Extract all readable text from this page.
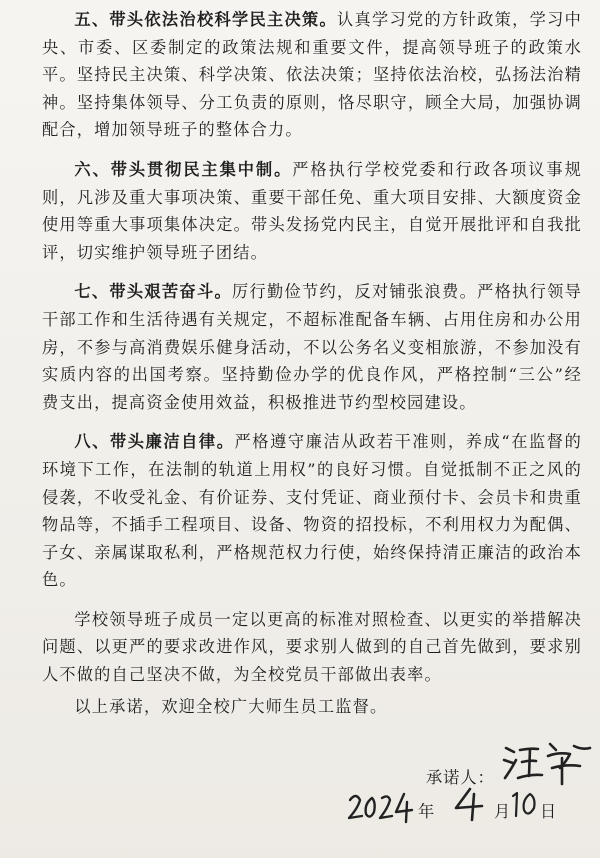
五、带头依法治校科学民主决策。认真学习党的方针政策，学习中央、市委、区委制定的政策法规和重要文件，提高领导班子的政策水平。坚持民主决策、科学决策、依法决策；坚持依法治校，弘扬法治精神。坚持集体领导、分工负责的原则，恪尽职守，顾全大局，加强协调配合，增加领导班子的整体合力。

六、带头贯彻民主集中制。严格执行学校党委和行政各项议事规则，凡涉及重大事项决策、重要干部任免、重大项目安排、大额度资金使用等重大事项集体决定。带头发扬党内民主，自觉开展批评和自我批评，切实维护领导班子团结。

七、带头艰苦奋斗。厉行勤俭节约，反对铺张浪费。严格执行领导干部工作和生活待遇有关规定，不超标准配备车辆、占用住房和办公用房，不参与高消费娱乐健身活动，不以公务名义变相旅游，不参加没有实质内容的出国考察。坚持勤俭办学的优良作风，严格控制“三公”经费支出，提高资金使用效益，积极推进节约型校园建设。

八、带头廉洁自律。严格遵守廉洁从政若干准则，养成“在监督的环境下工作，在法制的轨道上用权”的良好习惯。自觉抵制不正之风的侵袭，不收受礼金、有价证券、支付凭证、商业预付卡、会员卡和贵重物品等，不插手工程项目、设备、物资的招投标，不利用权力为配偶、子女、亲属谋取私利，严格规范权力行使，始终保持清正廉洁的政治本色。

学校领导班子成员一定以更高的标准对照检查、以更实的举措解决问题、以更严的要求改进作风，要求别人做到的自己首先做到，要求别人不做的自己坚决不做，为全校党员干部做出表率。

以上承诺，欢迎全校广大师生员工监督。

承诺人：
年	月 日
